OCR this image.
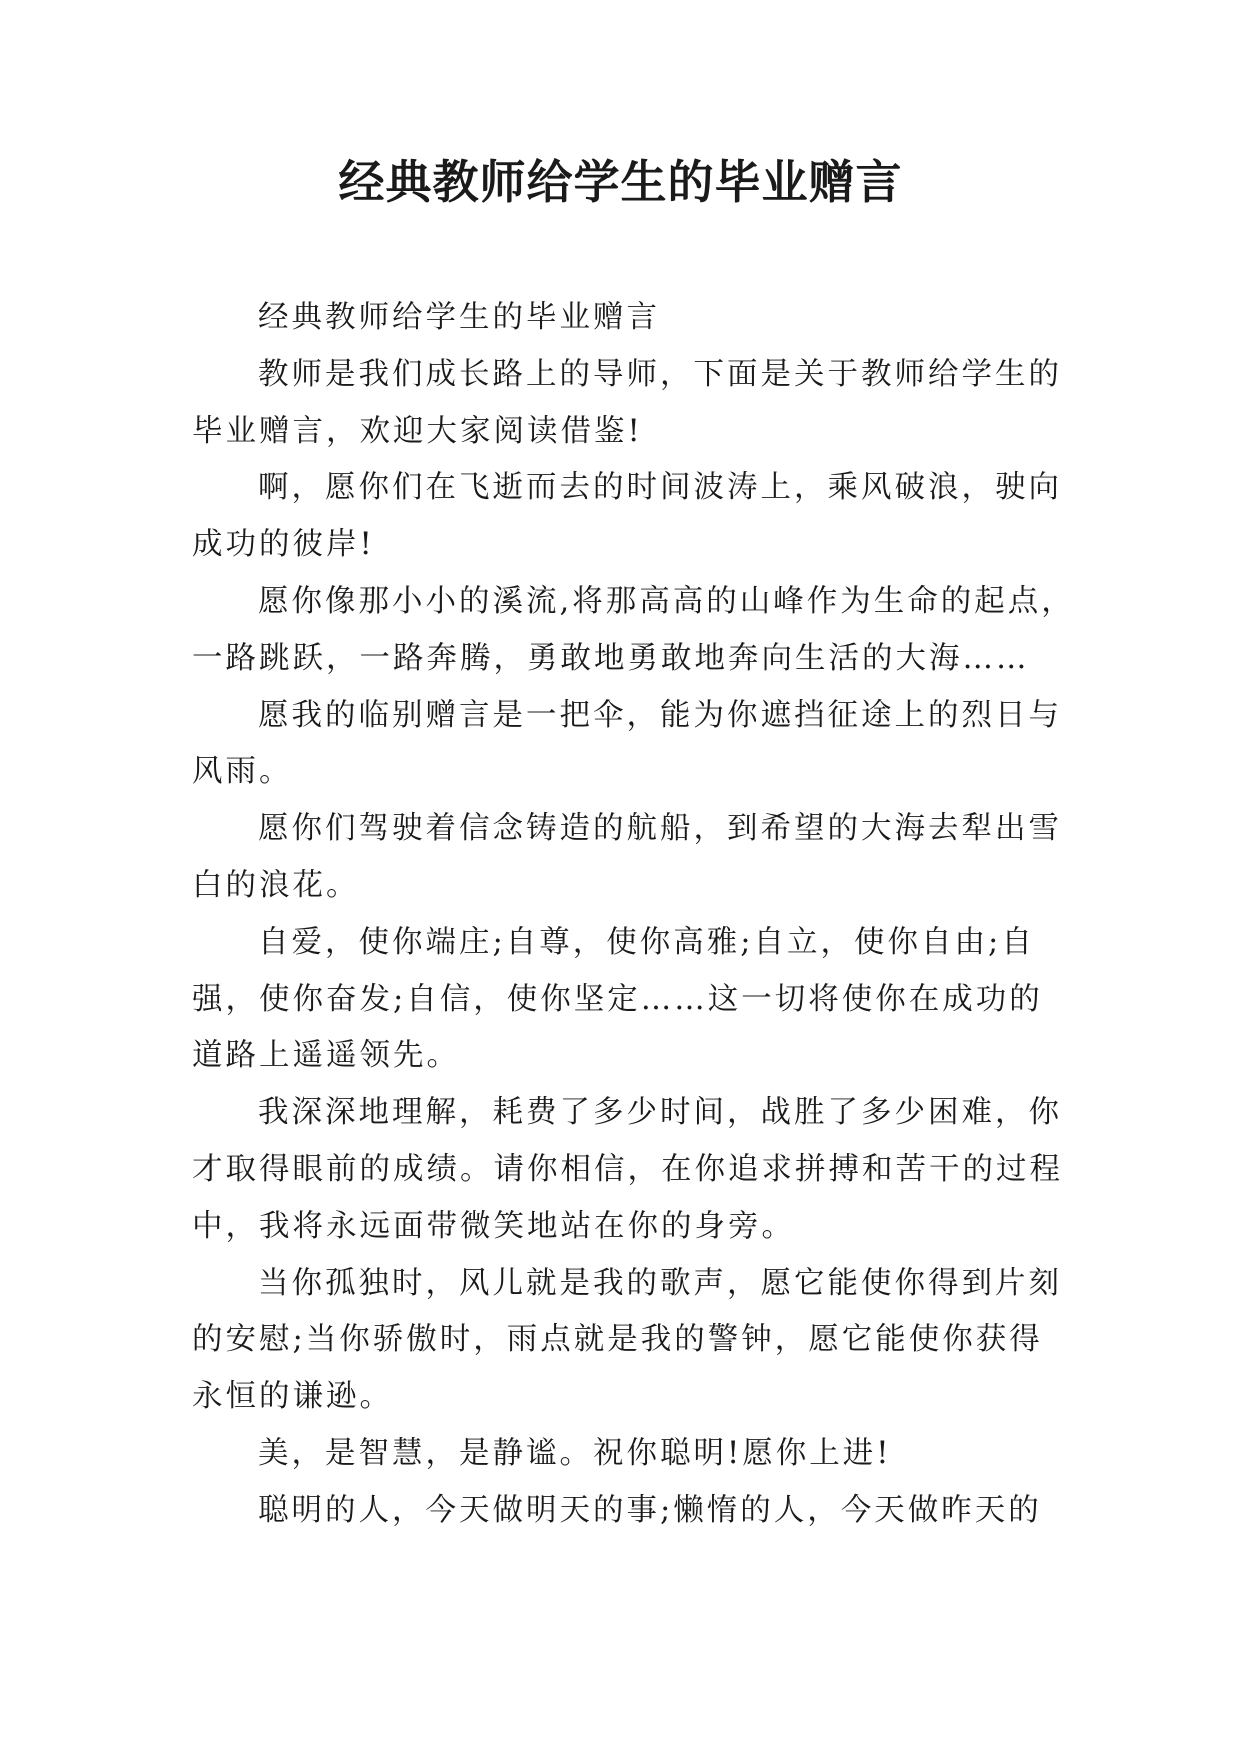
经典教师给学生的毕业赠言

经典教师给学生的毕业赠言

教师是我们成长路上的导师，下面是关于教师给学生的
毕业赠言，欢迎大家阅读借鉴!

啊，愿你们在飞逝而去的时间波涛上，乘风破浪，驶向
成功的彼岸!

愿你像那小小的溪流,将那高高的山峰作为生命的起点，
一路跳跃，一路奔腾，勇敢地勇敢地奔向生活的大海……

愿我的临别赠言是一把伞，能为你遮挡征途上的烈日与
风雨。

愿你们驾驶着信念铸造的航船，到希望的大海去犁出雪
白的浪花。

自爱，使你端庄;自尊，使你高雅;自立，使你自由;自
强，使你奋发;自信，使你坚定……这一切将使你在成功的
道路上遥遥领先。

我深深地理解，耗费了多少时间，战胜了多少困难，你
才取得眼前的成绩。请你相信，在你追求拼搏和苦干的过程
中，我将永远面带微笑地站在你的身旁。

当你孤独时，风儿就是我的歌声，愿它能使你得到片刻
的安慰;当你骄傲时，雨点就是我的警钟，愿它能使你获得
永恒的谦逊。

美，是智慧，是静谧。祝你聪明!愿你上进!

聪明的人，今天做明天的事;懒惰的人，今天做昨天的
